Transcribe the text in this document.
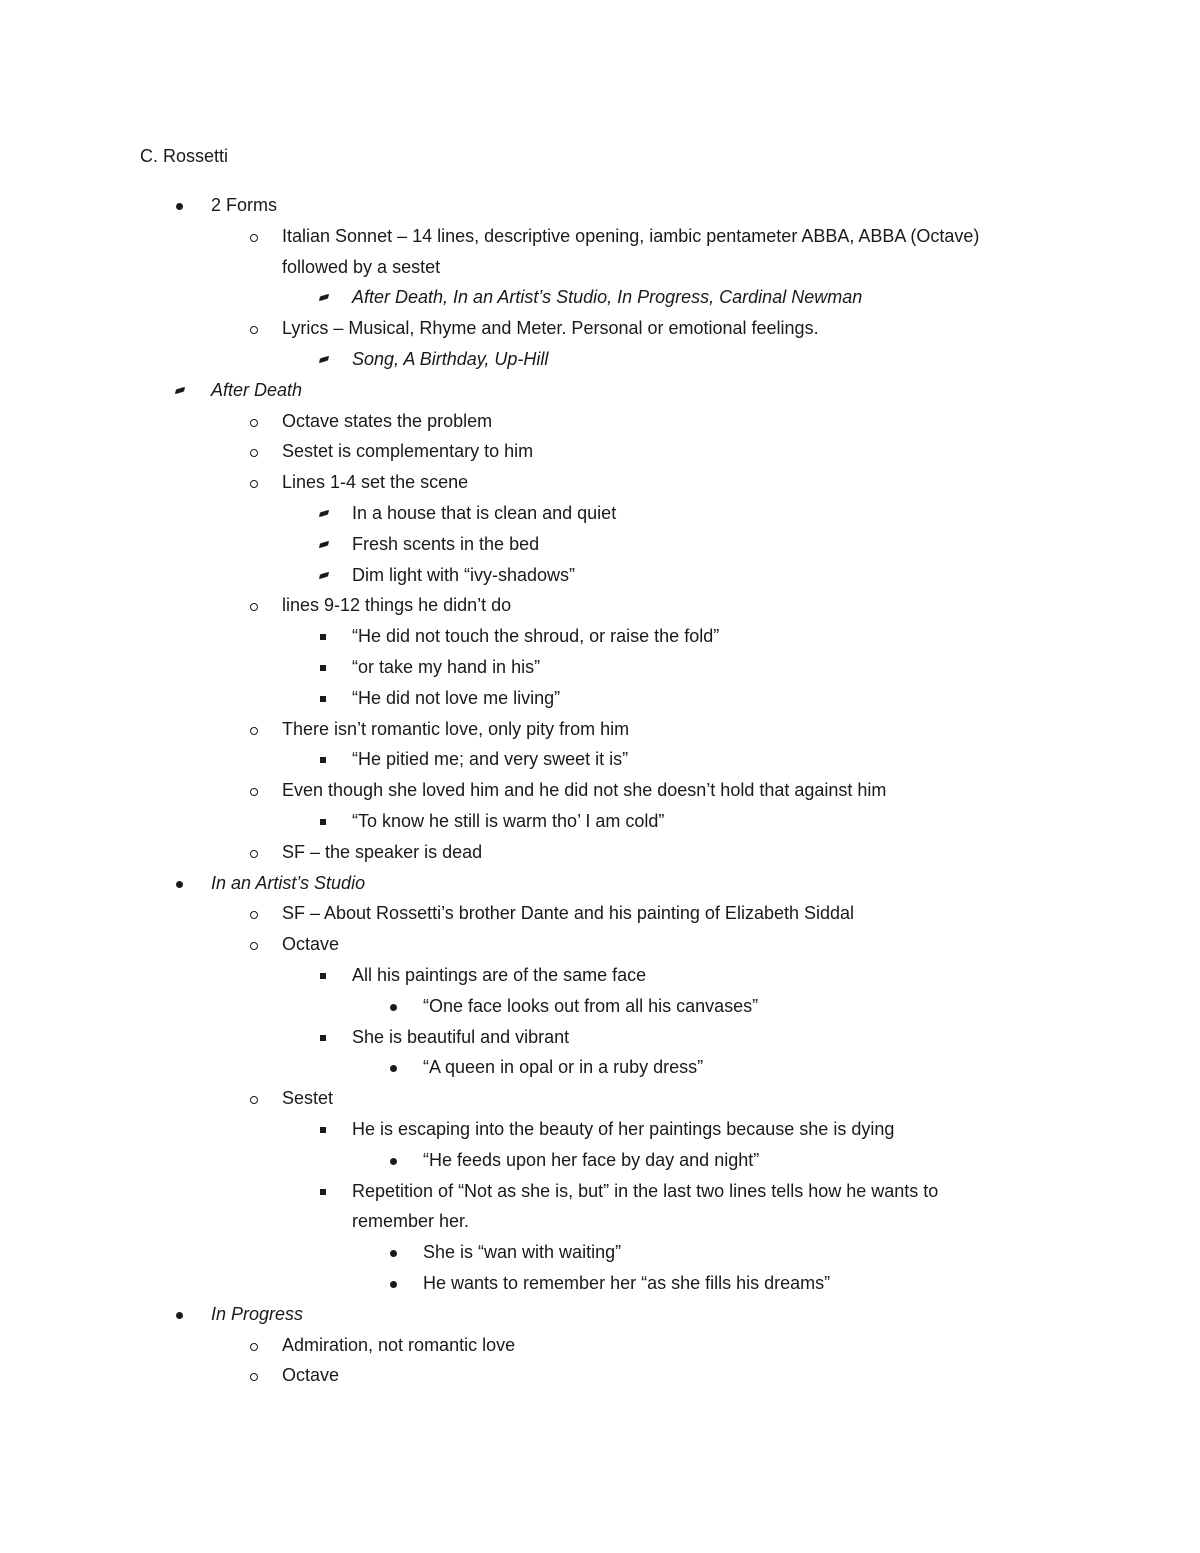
C. Rossetti
2 Forms
Italian Sonnet – 14 lines, descriptive opening, iambic pentameter ABBA, ABBA (Octave)
followed by a sestet
After Death, In an Artist’s Studio, In Progress, Cardinal Newman
Lyrics – Musical, Rhyme and Meter. Personal or emotional feelings.
Song, A Birthday, Up-Hill
After Death
Octave states the problem
Sestet is complementary to him
Lines 1-4 set the scene
In a house that is clean and quiet
Fresh scents in the bed
Dim light with “ivy-shadows”
lines 9-12 things he didn’t do
“He did not touch the shroud, or raise the fold”
“or take my hand in his”
“He did not love me living”
There isn’t romantic love, only pity from him
“He pitied me; and very sweet it is”
Even though she loved him and he did not she doesn’t hold that against him
“To know he still is warm tho’ I am cold”
SF – the speaker is dead
In an Artist’s Studio
SF – About Rossetti’s brother Dante and his painting of Elizabeth Siddal
Octave
All his paintings are of the same face
“One face looks out from all his canvases”
She is beautiful and vibrant
“A queen in opal or in a ruby dress”
Sestet
He is escaping into the beauty of her paintings because she is dying
“He feeds upon her face by day and night”
Repetition of “Not as she is, but” in the last two lines tells how he wants to
remember her.
She is “wan with waiting”
He wants to remember her “as she fills his dreams”
In Progress
Admiration, not romantic love
Octave
